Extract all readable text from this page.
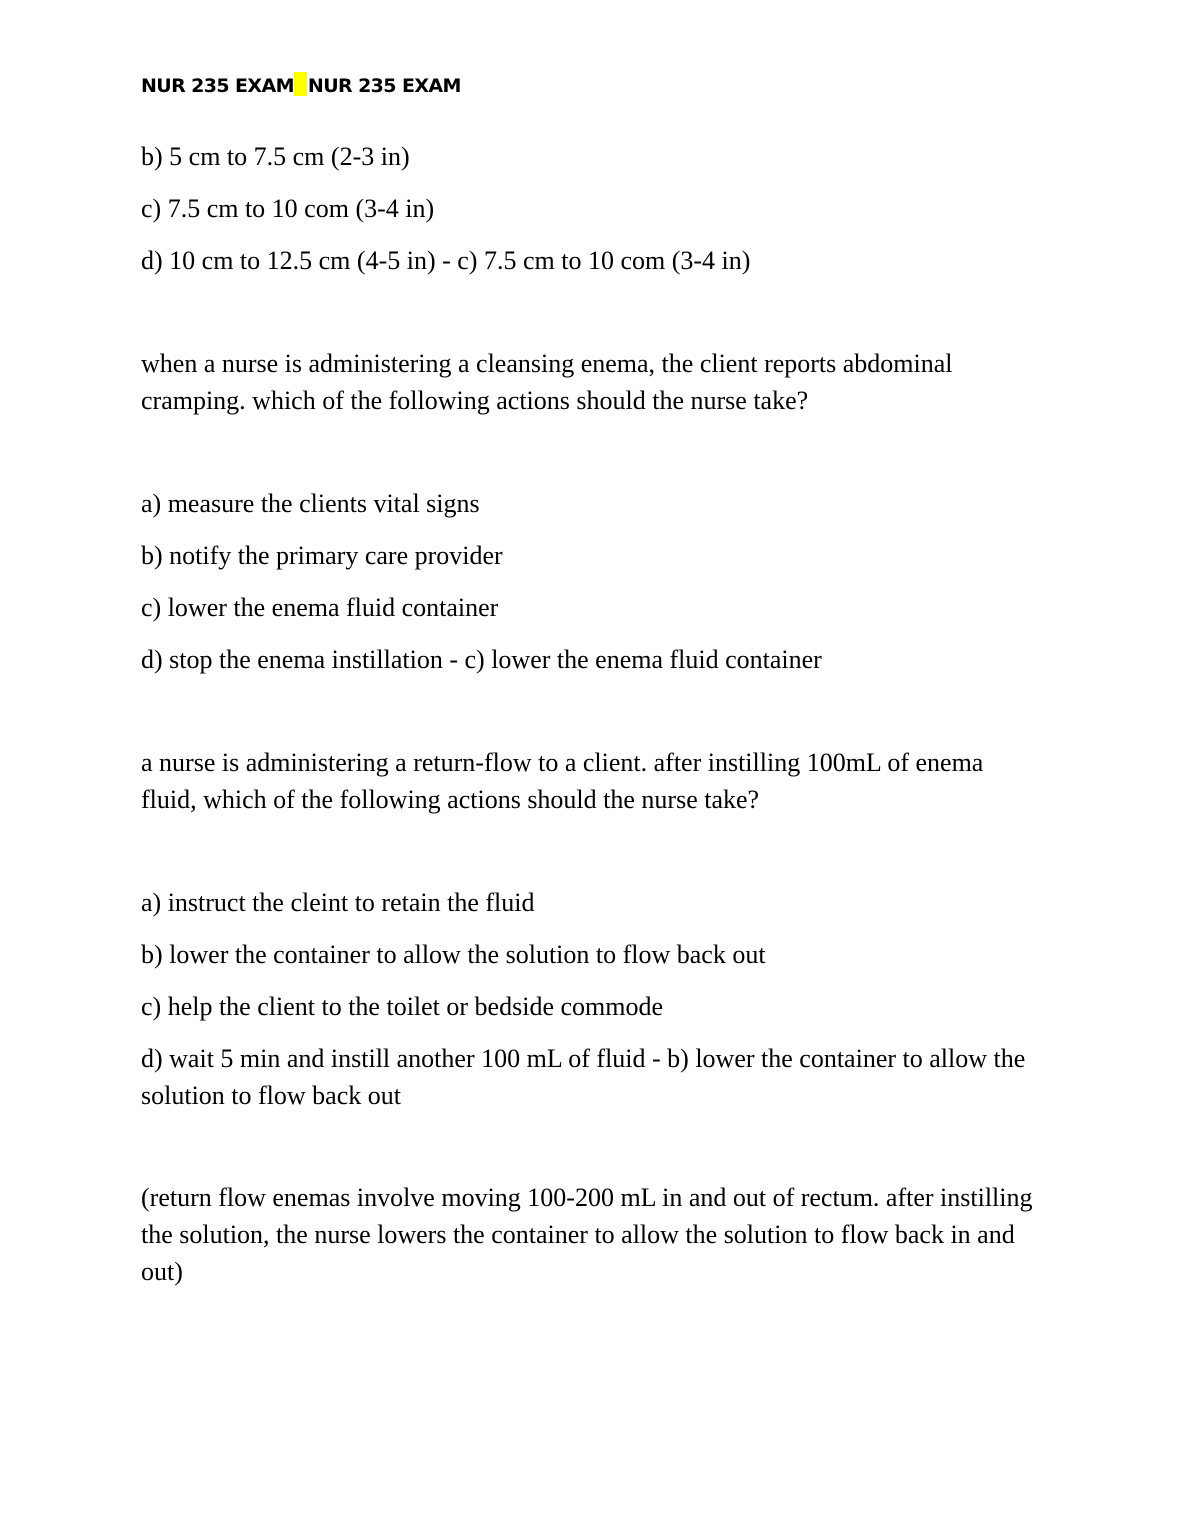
NUR 235 EXAM NUR 235 EXAM

b) 5 cm to 7.5 cm (2-3 in)

c) 7.5 cm to 10 com (3-4 in)

d) 10 cm to 12.5 cm (4-5 in) - c) 7.5 cm to 10 com (3-4 in)

when a nurse is administering a cleansing enema, the client reports abdominal cramping. which of the following actions should the nurse take?

a) measure the clients vital signs

b) notify the primary care provider

c) lower the enema fluid container

d) stop the enema instillation - c) lower the enema fluid container

a nurse is administering a return-flow to a client. after instilling 100mL of enema fluid, which of the following actions should the nurse take?

a) instruct the cleint to retain the fluid

b) lower the container to allow the solution to flow back out

c) help the client to the toilet or bedside commode

d) wait 5 min and instill another 100 mL of fluid - b) lower the container to allow the solution to flow back out

(return flow enemas involve moving 100-200 mL in and out of rectum. after instilling the solution, the nurse lowers the container to allow the solution to flow back in and out)
